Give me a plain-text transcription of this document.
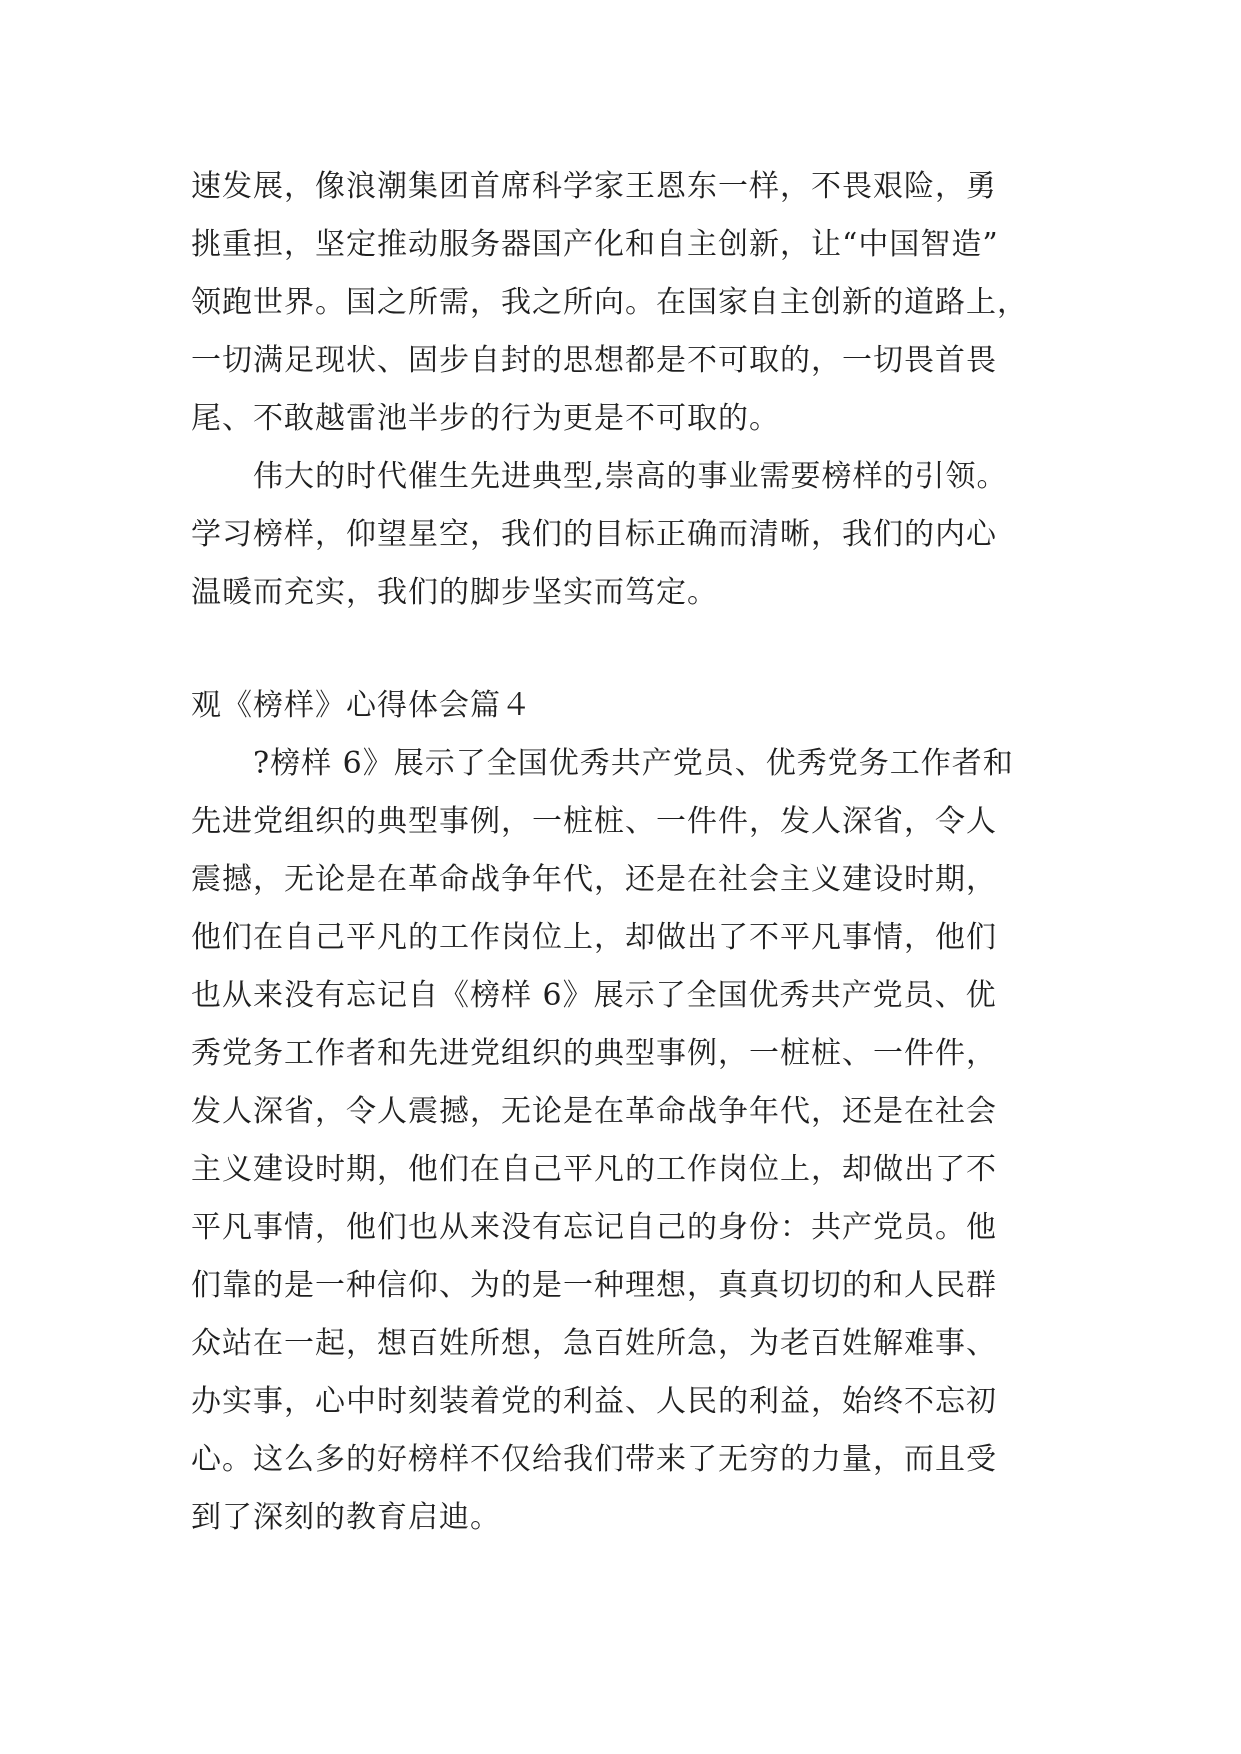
速发展，像浪潮集团首席科学家王恩东一样，不畏艰险，勇
挑重担，坚定推动服务器国产化和自主创新，让“中国智造”
领跑世界。国之所需，我之所向。在国家自主创新的道路上，
一切满足现状、固步自封的思想都是不可取的，一切畏首畏
尾、不敢越雷池半步的行为更是不可取的。
　　伟大的时代催生先进典型,崇高的事业需要榜样的引领。
学习榜样，仰望星空，我们的目标正确而清晰，我们的内心
温暖而充实，我们的脚步坚实而笃定。
观《榜样》心得体会篇４
　　?榜样 6》展示了全国优秀共产党员、优秀党务工作者和
先进党组织的典型事例，一桩桩、一件件，发人深省，令人
震撼，无论是在革命战争年代，还是在社会主义建设时期，
他们在自己平凡的工作岗位上，却做出了不平凡事情，他们
也从来没有忘记自《榜样 6》展示了全国优秀共产党员、优
秀党务工作者和先进党组织的典型事例，一桩桩、一件件，
发人深省，令人震撼，无论是在革命战争年代，还是在社会
主义建设时期，他们在自己平凡的工作岗位上，却做出了不
平凡事情，他们也从来没有忘记自己的身份：共产党员。他
们靠的是一种信仰、为的是一种理想，真真切切的和人民群
众站在一起，想百姓所想，急百姓所急，为老百姓解难事、
办实事，心中时刻装着党的利益、人民的利益，始终不忘初
心。这么多的好榜样不仅给我们带来了无穷的力量，而且受
到了深刻的教育启迪。
